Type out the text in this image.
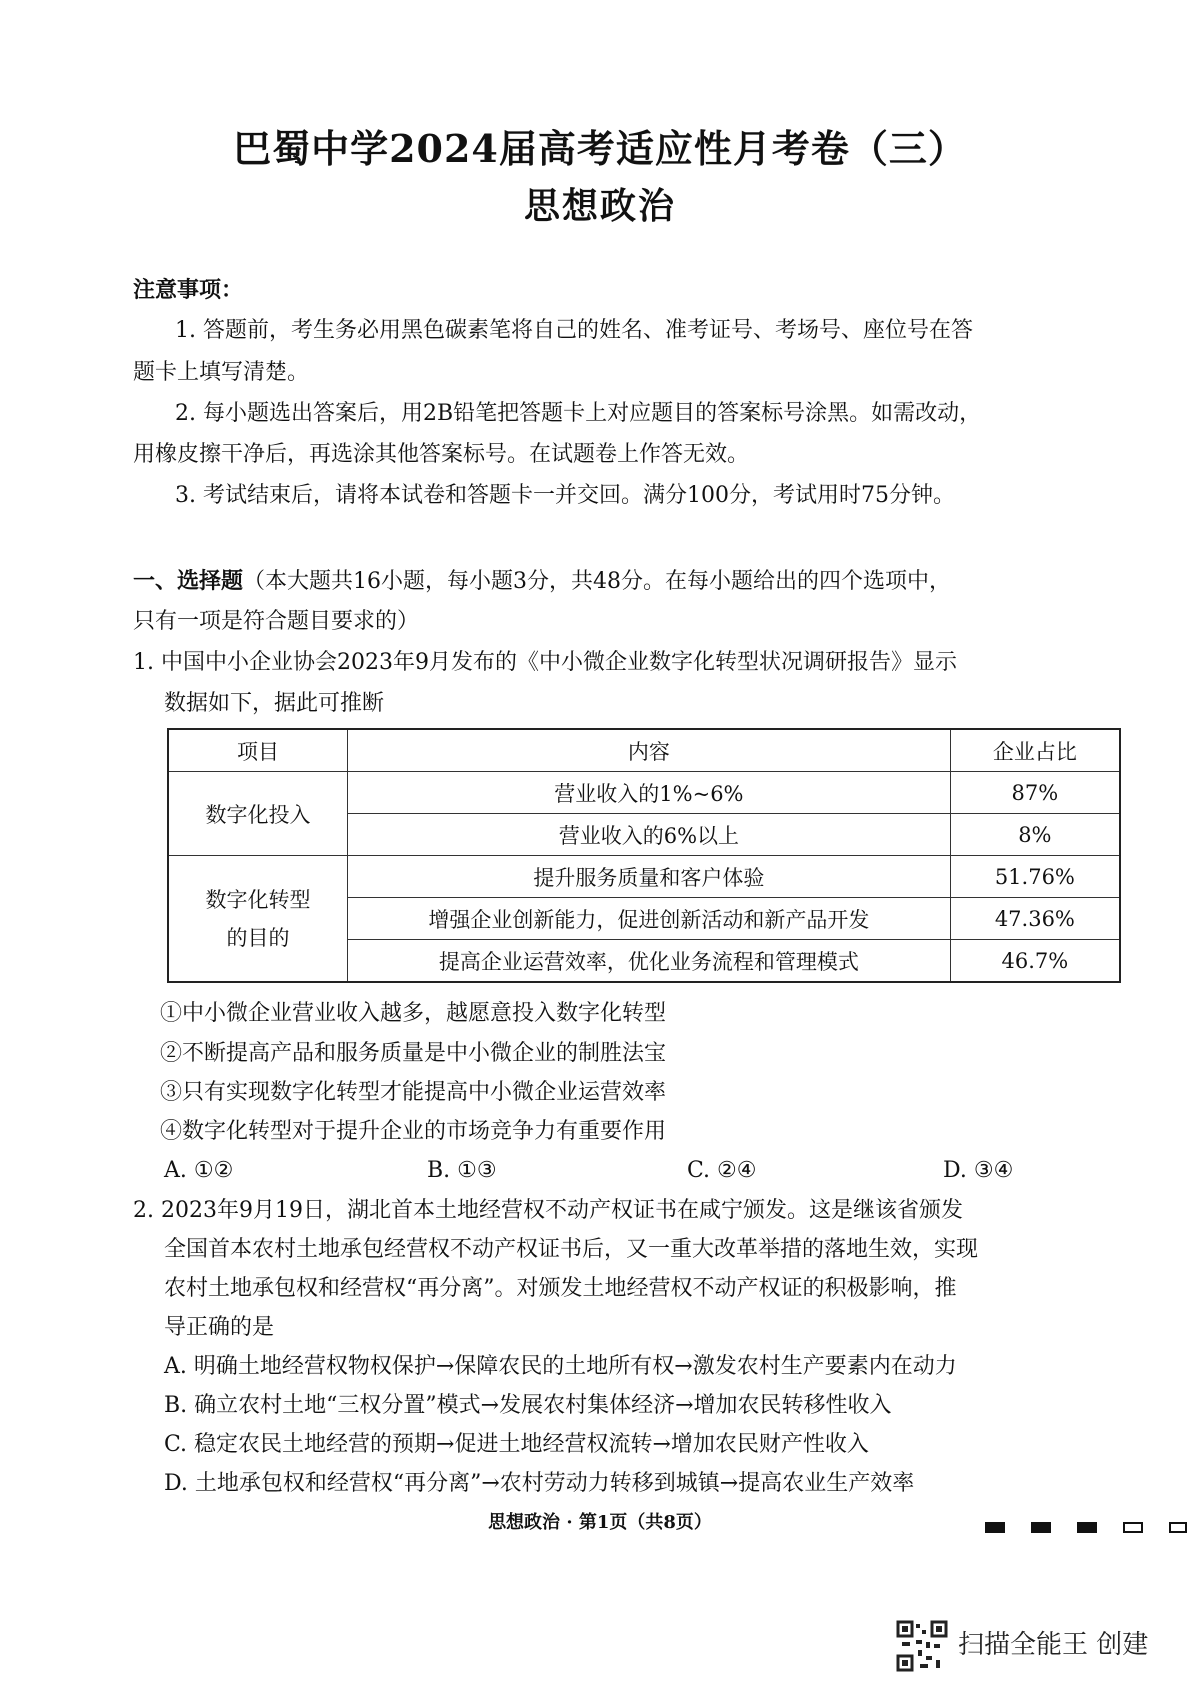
巴蜀中学2024届高考适应性月考卷（三）
思想政治
注意事项：
1. 答题前，考生务必用黑色碳素笔将自己的姓名、准考证号、考场号、座位号在答
题卡上填写清楚。
2. 每小题选出答案后，用2B铅笔把答题卡上对应题目的答案标号涂黑。如需改动，
用橡皮擦干净后，再选涂其他答案标号。在试题卷上作答无效。
3. 考试结束后，请将本试卷和答题卡一并交回。满分100分，考试用时75分钟。
一、选择题（本大题共16小题，每小题3分，共48分。在每小题给出的四个选项中，
只有一项是符合题目要求的）
1. 中国中小企业协会2023年9月发布的《中小微企业数字化转型状况调研报告》显示
数据如下，据此可推断
项目	内容	企业占比
数字化投入	营业收入的1%~6%	87%
	营业收入的6%以上	8%
数字化转型
的目的	提升服务质量和客户体验	51.76%
	增强企业创新能力，促进创新活动和新产品开发	47.36%
	提高企业运营效率，优化业务流程和管理模式	46.7%
①中小微企业营业收入越多，越愿意投入数字化转型
②不断提高产品和服务质量是中小微企业的制胜法宝
③只有实现数字化转型才能提高中小微企业运营效率
④数字化转型对于提升企业的市场竞争力有重要作用
A. ①②	B. ①③	C. ②④	D. ③④
2. 2023年9月19日，湖北首本土地经营权不动产权证书在咸宁颁发。这是继该省颁发
全国首本农村土地承包经营权不动产权证书后，又一重大改革举措的落地生效，实现
农村土地承包权和经营权“再分离”。对颁发土地经营权不动产权证的积极影响，推
导正确的是
A. 明确土地经营权物权保护→保障农民的土地所有权→激发农村生产要素内在动力
B. 确立农村土地“三权分置”模式→发展农村集体经济→增加农民转移性收入
C. 稳定农民土地经营的预期→促进土地经营权流转→增加农民财产性收入
D. 土地承包权和经营权“再分离”→农村劳动力转移到城镇→提高农业生产效率
思想政治 · 第1页（共8页）
扫描全能王 创建
